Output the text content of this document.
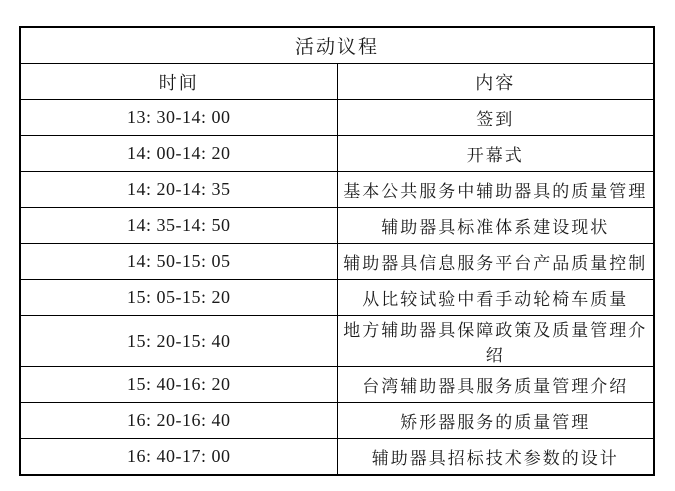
活动议程	
时间	内容
13: 30-14: 00	签到
14: 00-14: 20	开幕式
14: 20-14: 35	基本公共服务中辅助器具的质量管理
14: 35-14: 50	辅助器具标准体系建设现状
14: 50-15: 05	辅助器具信息服务平台产品质量控制
15: 05-15: 20	从比较试验中看手动轮椅车质量
15: 20-15: 40	地方辅助器具保障政策及质量管理介绍
15: 40-16: 20	台湾辅助器具服务质量管理介绍
16: 20-16: 40	矫形器服务的质量管理
16: 40-17: 00	辅助器具招标技术参数的设计
